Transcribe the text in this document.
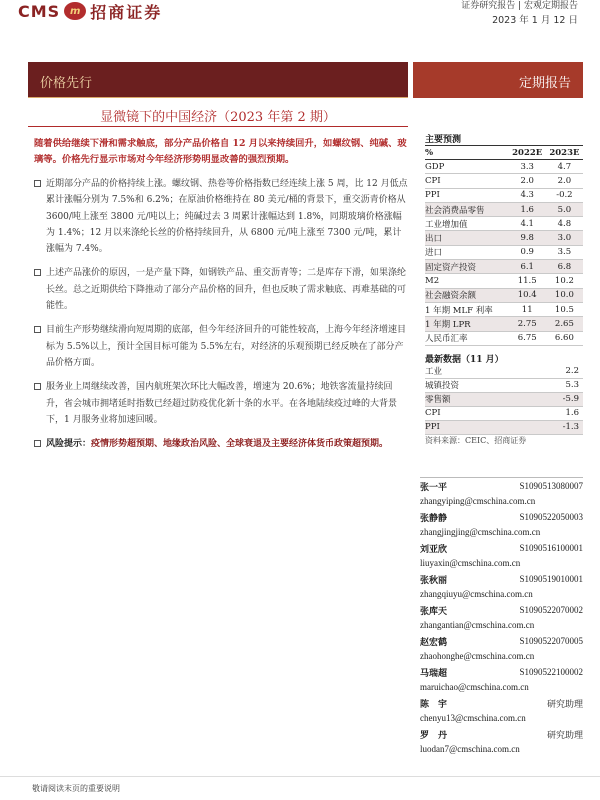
CMS m 招商证券	证券研究报告 | 宏观定期报告
2023 年 1 月 12 日
价格先行	定期报告
显微镜下的中国经济（2023 年第 2 期）
随着供给继续下滑和需求触底，部分产品价格自 12 月以来持续回升，如螺纹钢、纯碱、玻璃等。价格先行显示市场对今年经济形势明显改善的强烈预期。
近期部分产品的价格持续上涨。螺纹钢、热卷等价格指数已经连续上涨 5 周，比 12 月低点累计涨幅分别为 7.5%和 6.2%；在原油价格维持在 80 美元/桶的背景下，重交沥青价格从 3600/吨上涨至 3800 元/吨以上；纯碱过去 3 周累计涨幅达到 1.8%，同期玻璃价格涨幅为 1.4%；12 月以来涤纶长丝的价格持续回升，从 6800 元/吨上涨至 7300 元/吨，累计涨幅为 7.4%。
上述产品涨价的原因，一是产量下降，如钢铁产品、重交沥青等；二是库存下滑，如果涤纶长丝。总之近期供给下降推动了部分产品价格的回升，但也反映了需求触底、再难基础的可能性。
目前生产形势继续滑向短周期的底部，但今年经济回升的可能性较高，上海今年经济增速目标为 5.5%以上，预计全国目标可能为 5.5%左右，对经济的乐观预期已经反映在了部分产品价格方面。
服务业上周继续改善，国内航班架次环比大幅改善，增速为 20.6%；地铁客流量持续回升，省会城市拥堵延时指数已经超过防疫优化新十条的水平。在各地陆续疫过峰的大背景下，1 月服务业将加速回暖。
风险提示：疫情形势超预期、地缘政治风险、全球衰退及主要经济体货币政策超预期。
主要预测
%	2022E	2023E
GDP	3.3	4.7
CPI	2.0	2.0
PPI	4.3	-0.2
社会消费品零售	1.6	5.0
工业增加值	4.1	4.8
出口	9.8	3.0
进口	0.9	3.5
固定资产投资	6.1	6.8
M2	11.5	10.2
社会融资余额	10.4	10.0
1 年期 MLF 利率	11	10.5
1 年期 LPR	2.75	2.65
人民币汇率	6.75	6.60
最新数据（11 月）
工业	2.2
城镇投资	5.3
零售额	-5.9
CPI	1.6
PPI	-1.3
资料来源：CEIC、招商证券
张一平	S1090513080007
zhangyiping@cmschina.com.cn
张静静	S1090522050003
zhangjingjing@cmschina.com.cn
刘亚欣	S1090516100001
liuyaxin@cmschina.com.cn
张秋丽	S1090519010001
zhangqiuyu@cmschina.com.cn
张库天	S1090522070002
zhangantian@cmschina.com.cn
赵宏鹤	S1090522070005
zhaohonghe@cmschina.com.cn
马瑞超	S1090522100002
maruichao@cmschina.com.cn
陈　宇	研究助理
chenyu13@cmschina.com.cn
罗　丹	研究助理
luodan7@cmschina.com.cn
敬请阅读末页的重要说明
